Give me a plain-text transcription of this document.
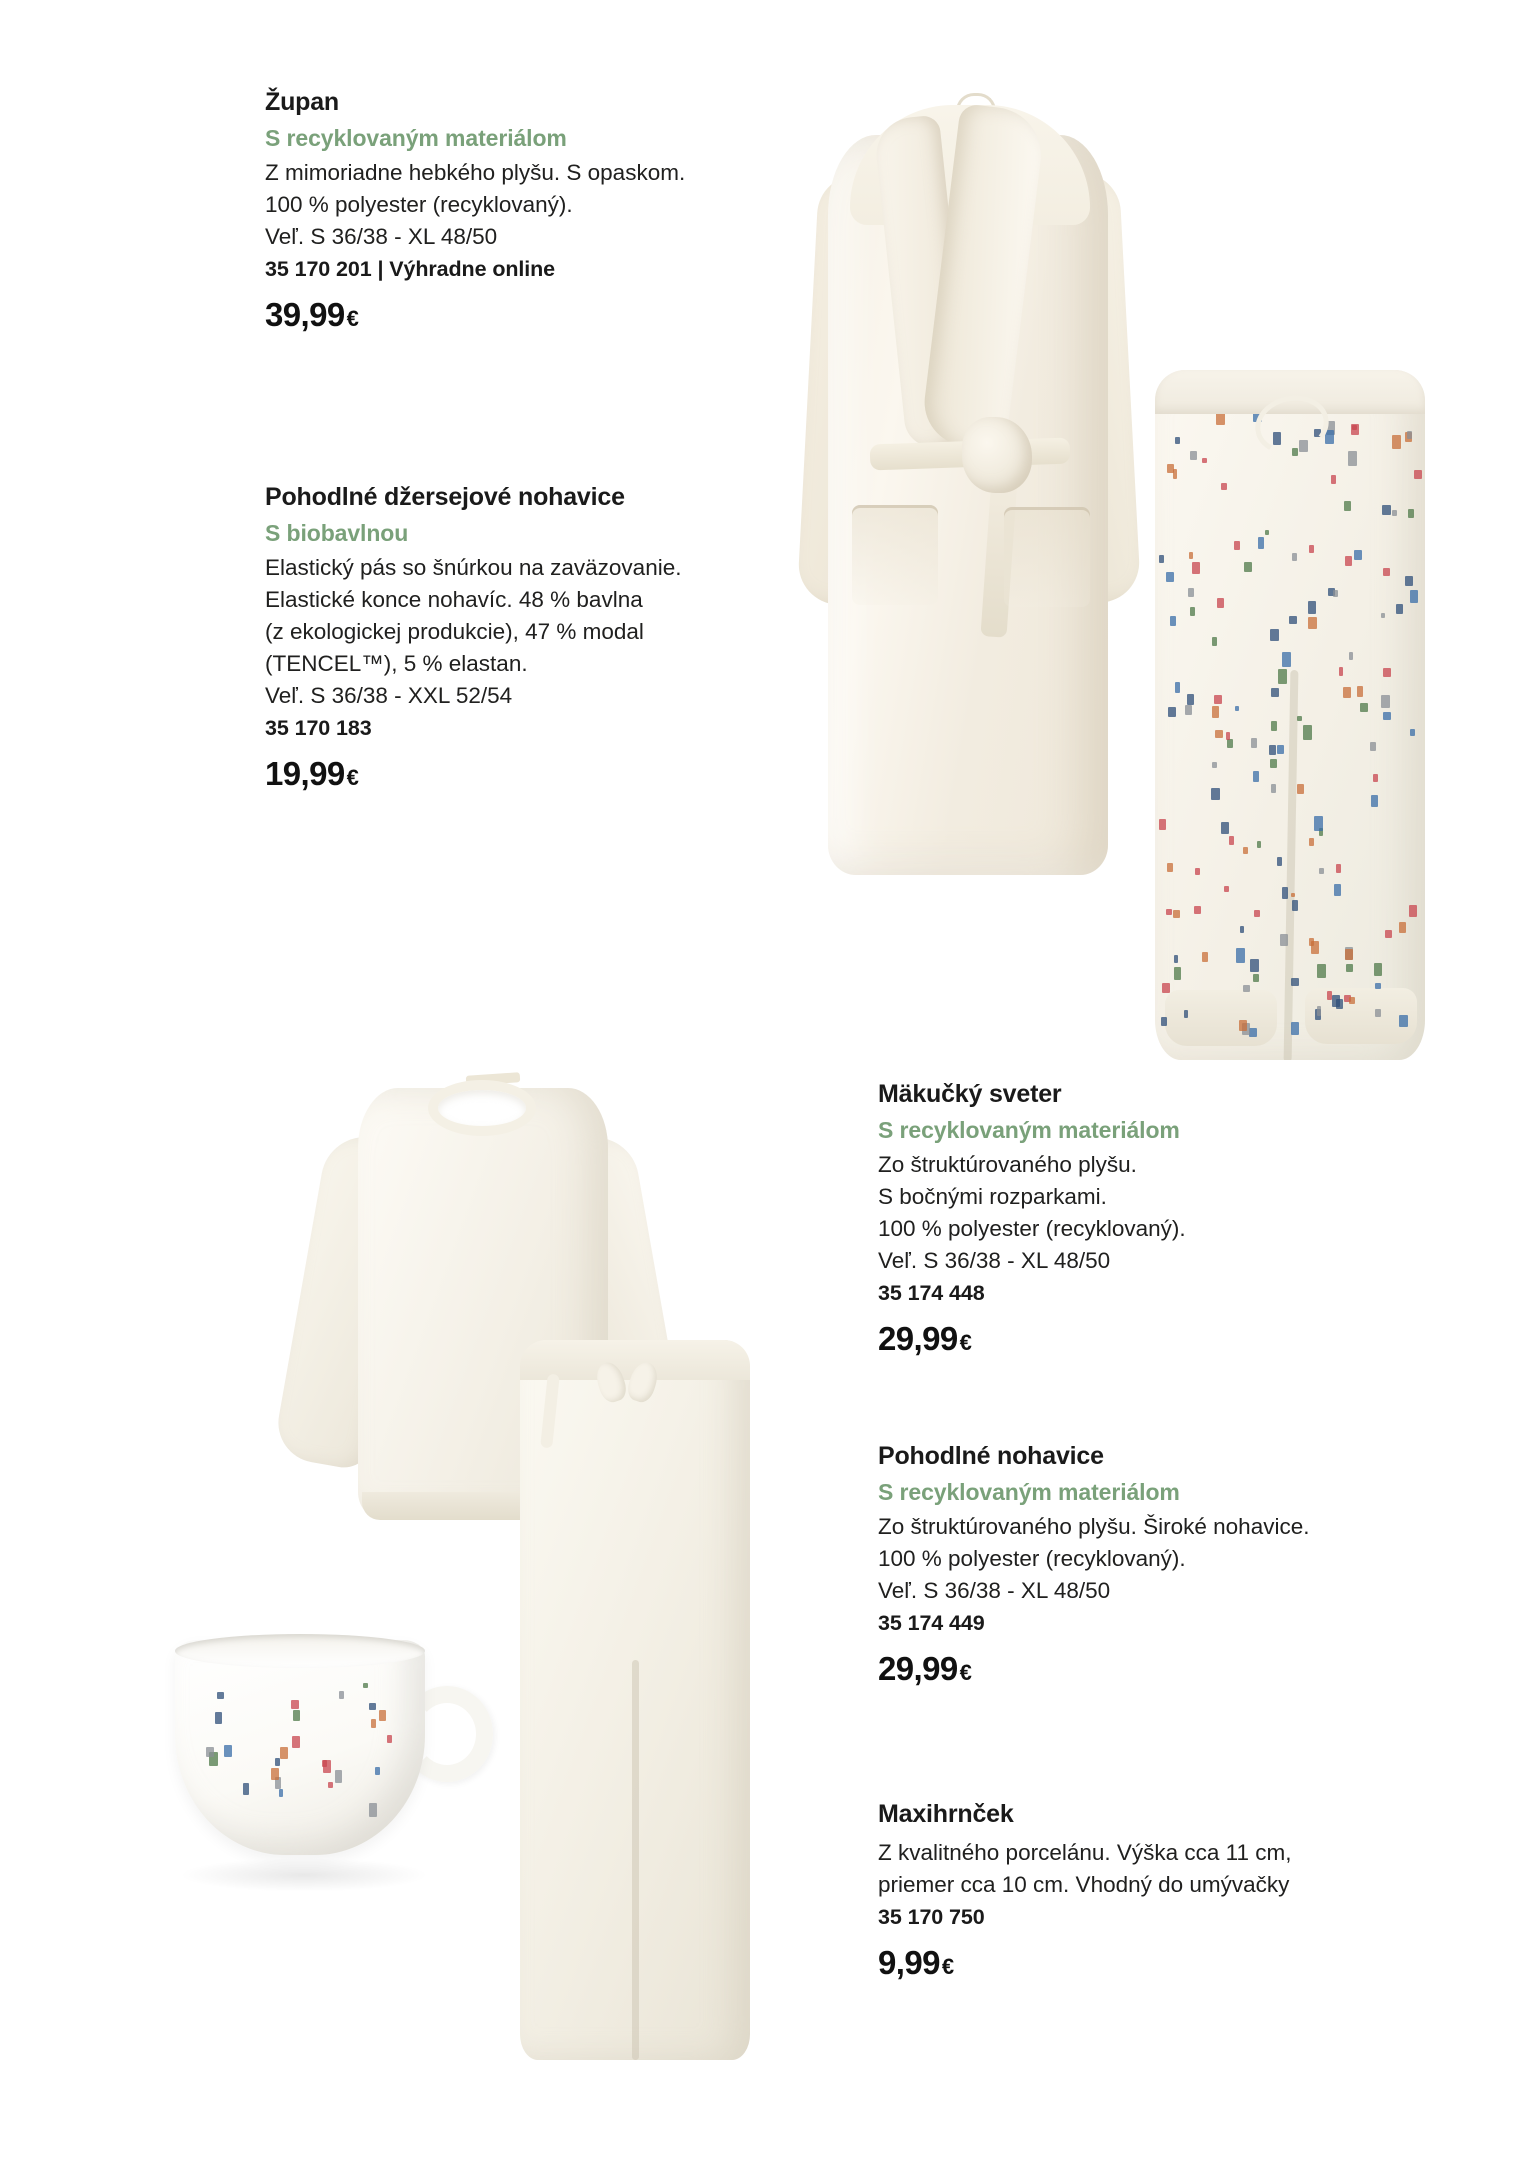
Župan

S recyklovaným materiálom

Z mimoriadne hebkého plyšu. S opaskom.
100 % polyester (recyklovaný).
Veľ. S 36/38 - XL 48/50

35 170 201 | Výhradne online

39,99€

Pohodlné džersejové nohavice

S biobavlnou

Elastický pás so šnúrkou na zaväzovanie.
Elastické konce nohavíc. 48 % bavlna
(z ekologickej produkcie), 47 % modal
(TENCEL™), 5 % elastan.
Veľ. S 36/38 - XXL 52/54

35 170 183

19,99€

Mäkučký sveter

S recyklovaným materiálom

Zo štruktúrovaného plyšu.
S bočnými rozparkami.
100 % polyester (recyklovaný).
Veľ. S 36/38 - XL 48/50

35 174 448

29,99€

Pohodlné nohavice

S recyklovaným materiálom

Zo štruktúrovaného plyšu. Široké nohavice.
100 % polyester (recyklovaný).
Veľ. S 36/38 - XL 48/50

35 174 449

29,99€

Maxihrnček

Z kvalitného porcelánu. Výška cca 11 cm,
priemer cca 10 cm. Vhodný do umývačky

35 170 750

9,99€
